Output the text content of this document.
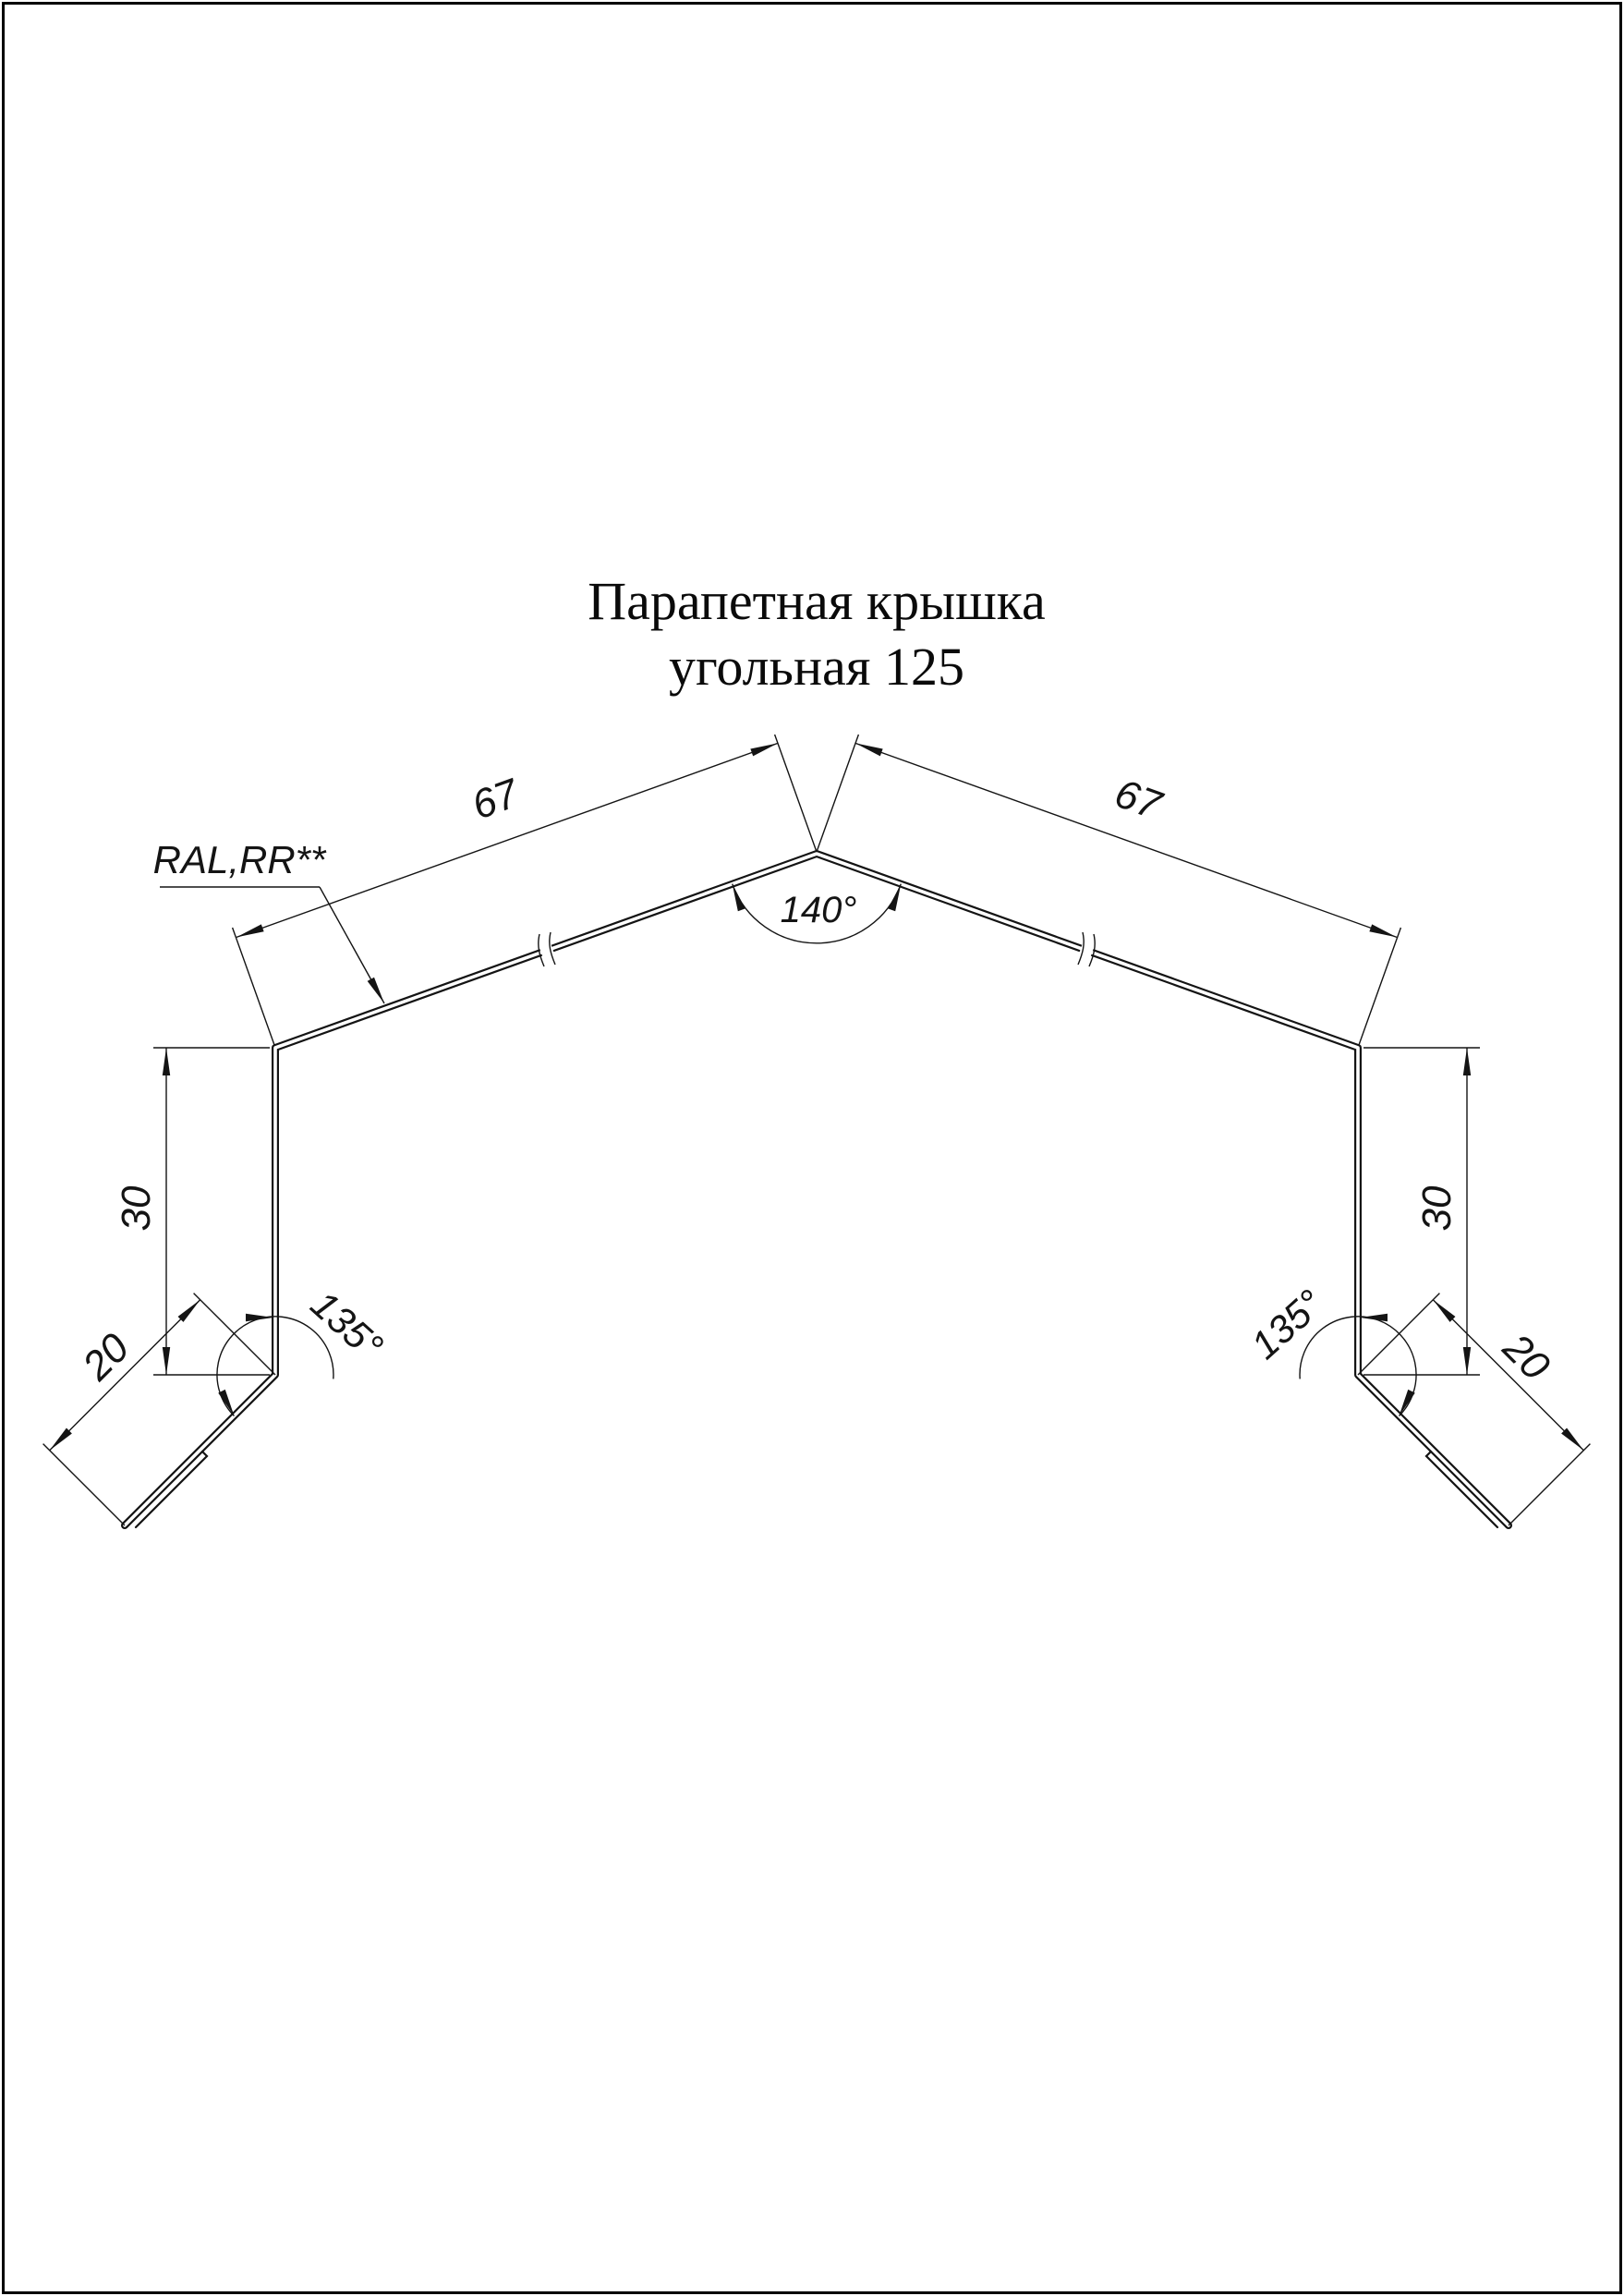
Парапетная крышка
угольная 125
RAL,RR**
67	67
140°
30	30
20	20
135°	135°
